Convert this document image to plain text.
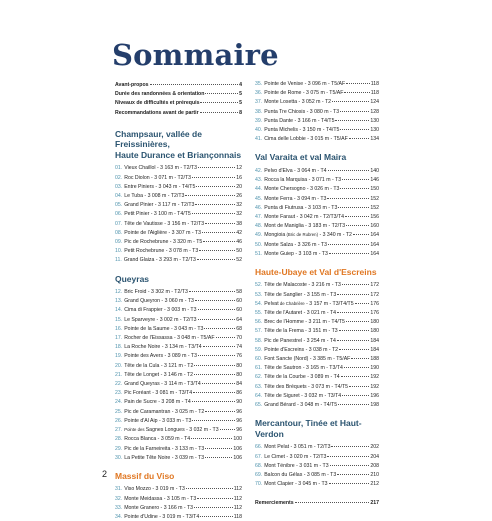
Sommaire
Avant-propos	4
Durée des randonnées & orientation	5
Niveaux de difficultés et prérequis	5
Recommandations avant de partir	8
Champsaur, vallée de Freissinières,
Haute Durance et Briançonnais
01. Vieux Chaillol - 3 163 m - T2/T3	12
02. Roc Diolon - 3 071 m - T2/T3	16
03. Entre Piniers - 3 043 m - T4/T5	20
04. Le Tuba - 3 008 m - T2/T3	26
05. Grand Pinier - 3 117 m - T2/T3	32
06. Petit Pinier - 3 100 m - T4/T5	32
07. Tête de Vautisse - 3 156 m - T2/T3	38
08. Pointe de l'Aiglière - 3 307 m - T3	42
09. Pic de Rochebrune - 3 320 m - T5	46
10. Petit Rochebrune - 3 078 m - T3	50
11. Grand Glaiza - 3 293 m - T2/T3	52
Queyras
12. Bric Froid - 3 302 m - T2/T3	58
13. Grand Queyron - 3 060 m - T3	60
14. Cima di Frappier - 3 003 m - T3	60
15. Le Sparveyre - 3 002 m - T2/T3	64
16. Pointe de la Saume - 3 043 m - T3	68
17. Rocher de l'Eissassa - 3 048 m - T5/AF	70
18. La Roche Noire - 3 134 m - T3/T4	74
19. Pointe des Avers - 3 089 m - T3	76
20. Tête de la Cula - 3 121 m - T2	80
21. Tête de Longet - 3 146 m - T2	80
22. Grand Queyras - 3 114 m - T3/T4	84
23. Pic Foréant - 3 081 m - T3/T4	86
24. Pain de Sucre - 3 208 m - T4	90
25. Pic de Caramantran - 3 025 m - T2	96
26. Pointe d'Al Aip - 3 033 m - T3	96
27. Pointe des Sagnes Longues - 3 032 m - T3	96
28. Rocca Blanca - 3 059 m - T4	100
29. Pic de la Farneireita - 3 133 m - T3	106
30. La Petite Tête Noire - 3 039 m - T3	106
Massif du Viso
31. Viso Mozzo - 3 019 m - T3	112
32. Monte Meidassa - 3 105 m - T3	112
33. Monte Granero - 3 166 m - T3	112
34. Pointe d'Udine - 3 019 m - T3/T4	118
35. Pointe de Venise - 3 096 m - T5/AF	118
36. Pointe de Rome - 3 075 m - T5/AF	118
37. Monte Losetta - 3 052 m - T2	124
38. Punta Tre Chiosis - 3 080 m - T3	128
39. Punta Dante - 3 166 m - T4/T5	130
40. Punta Michelis - 3 150 m - T4/T5	130
41. Cima delle Lobbie - 3 015 m - T5/AF	134
Val Varaita et val Maira
42. Pelvo d'Elva - 3 064 m - T4	140
43. Rocca la Marquisa - 3 071 m - T3	146
44. Monte Chersogno - 3 026 m - T3	150
45. Monte Ferra - 3 094 m - T3	152
46. Punta di Fiutrusa - 3 103 m - T3	152
47. Monte Faraut - 3 042 m - T2/T3/T4	156
48. Mont de Maniglia - 3 183 m - T2/T3	160
49. Mongioia (Bric de Rubren) - 3 340 m - T2	164
50. Monte Salza - 3 326 m - T3	164
51. Monte Guiep - 3 103 m - T3	164
Haute-Ubaye et Val d'Escreins
52. Tête de Malacoste - 3 216 m - T3	172
53. Tête de Sanglier - 3 155 m - T3	172
54. Pelvat de Chabrière - 3 157 m - T3/T4/T5	176
55. Tête de l'Autaret - 3 021 m - T4	176
56. Brec de l'Homme - 3 211 m - T4/T5	180
57. Tête de la Frema - 3 151 m - T3	180
58. Pic de Panestrel - 3 254 m - T4	184
59. Pointe d'Escreins - 3 038 m - T2	184
60. Font Sancte (Nord) - 3 385 m - T5/AF	188
61. Tête de Sautron - 3 165 m - T3/T4	190
62. Tête de la Courbe - 3 089 m - T4	192
63. Tête des Bréquets - 3 073 m - T4/T5	192
64. Tête de Siguret - 3 032 m - T3/T4	196
65. Grand Bérard - 3 048 m - T4/T5	198
Mercantour, Tinée et Haut-Verdon
66. Mont Pelat - 3 051 m - T2/T3	202
67. Le Cimet - 3 020 m - T2/T3	204
68. Mont Ténibre - 3 031 m - T3	208
69. Balcon du Gélas - 3 085 m - T3	210
70. Mont Clapier - 3 045 m - T3	212
Remerciements	217
2
